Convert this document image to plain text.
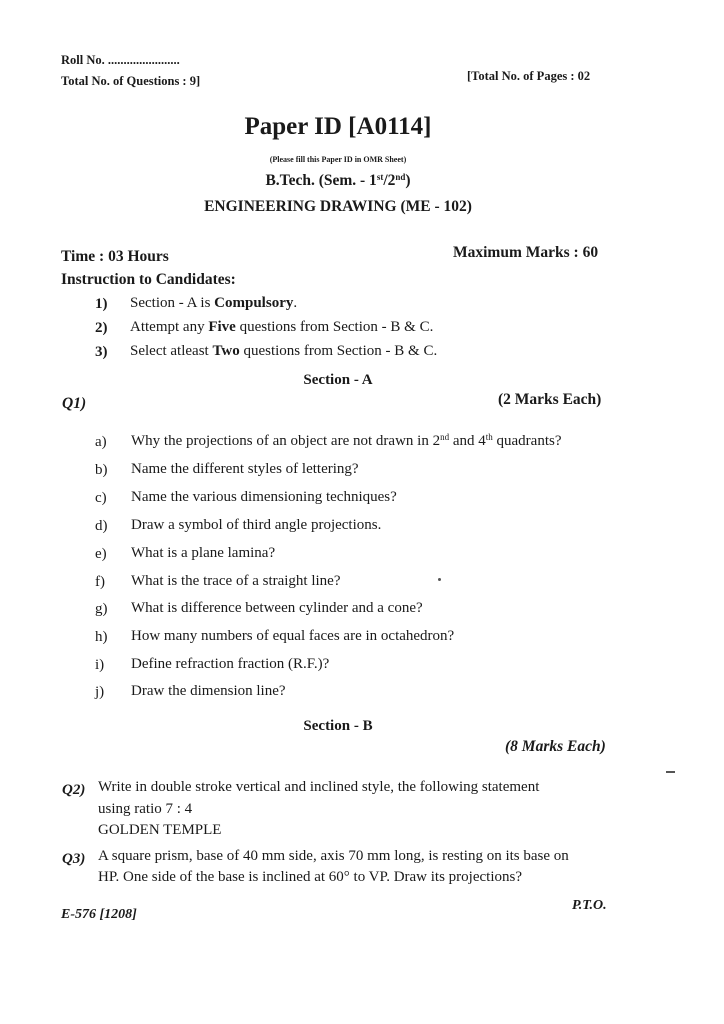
Roll No. .......................
Total No. of Questions : 9]	[Total No. of Pages : 02
Paper ID [A0114]
(Please fill this Paper ID in OMR Sheet)
B.Tech. (Sem. - 1st/2nd)
ENGINEERING DRAWING (ME - 102)
Time : 03 Hours	Maximum Marks : 60
Instruction to Candidates:
1) Section - A is Compulsory.
2) Attempt any Five questions from Section - B & C.
3) Select atleast Two questions from Section - B & C.
Section - A
Q1)	(2 Marks Each)
a) Why the projections of an object are not drawn in 2nd and 4th quadrants?
b) Name the different styles of lettering?
c) Name the various dimensioning techniques?
d) Draw a symbol of third angle projections.
e) What is a plane lamina?
f) What is the trace of a straight line?
g) What is difference between cylinder and a cone?
h) How many numbers of equal faces are in octahedron?
i) Define refraction fraction (R.F.)?
j) Draw the dimension line?
Section - B
(8 Marks Each)
Q2) Write in double stroke vertical and inclined style, the following statement
using ratio 7 : 4
GOLDEN TEMPLE
Q3) A square prism, base of 40 mm side, axis 70 mm long, is resting on its base on
HP. One side of the base is inclined at 60° to VP. Draw its projections?
P.T.O.
E-576 [1208]
